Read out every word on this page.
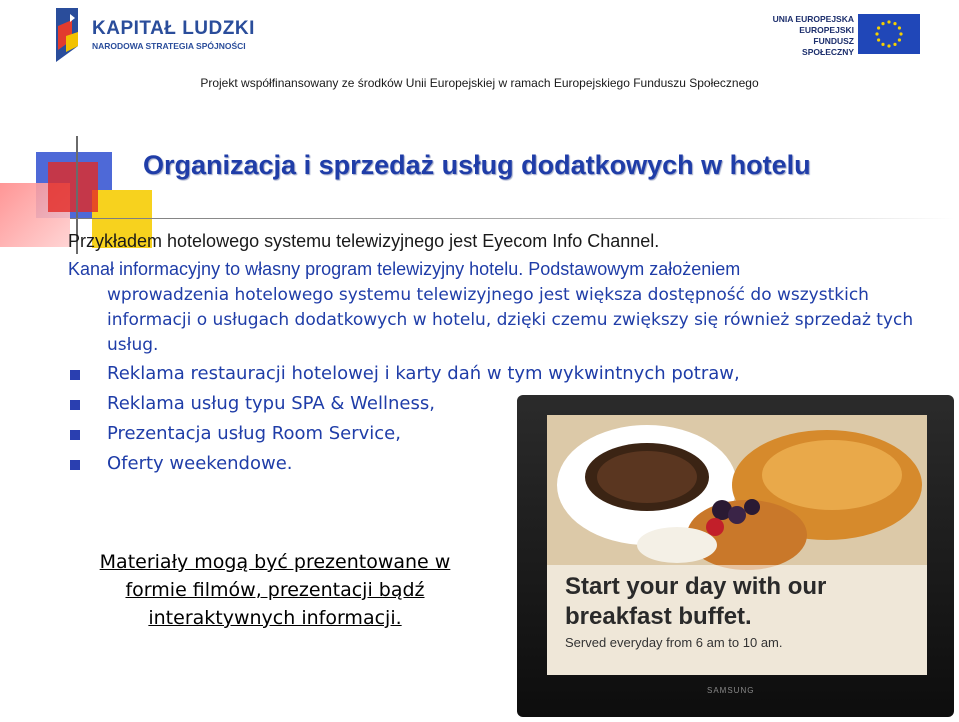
KAPITAŁ LUDZKI
NARODOWA STRATEGIA SPÓJNOŚCI
UNIA EUROPEJSKA
EUROPEJSKI
FUNDUSZ SPOŁECZNY
Projekt współfinansowany ze środków Unii Europejskiej w ramach Europejskiego Funduszu Społecznego
Organizacja i sprzedaż usług dodatkowych w hotelu
Przykładem hotelowego systemu telewizyjnego jest Eyecom Info Channel.
Kanał informacyjny to własny program telewizyjny hotelu. Podstawowym założeniem
wprowadzenia hotelowego systemu telewizyjnego jest większa dostępność do wszystkich informacji o usługach dodatkowych w hotelu, dzięki czemu zwiększy się również sprzedaż tych usług.
Reklama restauracji hotelowej i karty dań w tym wykwintnych potraw,
Reklama usług typu SPA & Wellness,
Prezentacja usług Room Service,
Oferty weekendowe.
Start your day with our
breakfast buffet.
Served everyday from 6 am to 10 am.
SAMSUNG
Materiały mogą być prezentowane w
formie filmów, prezentacji bądź
interaktywnych informacji.
